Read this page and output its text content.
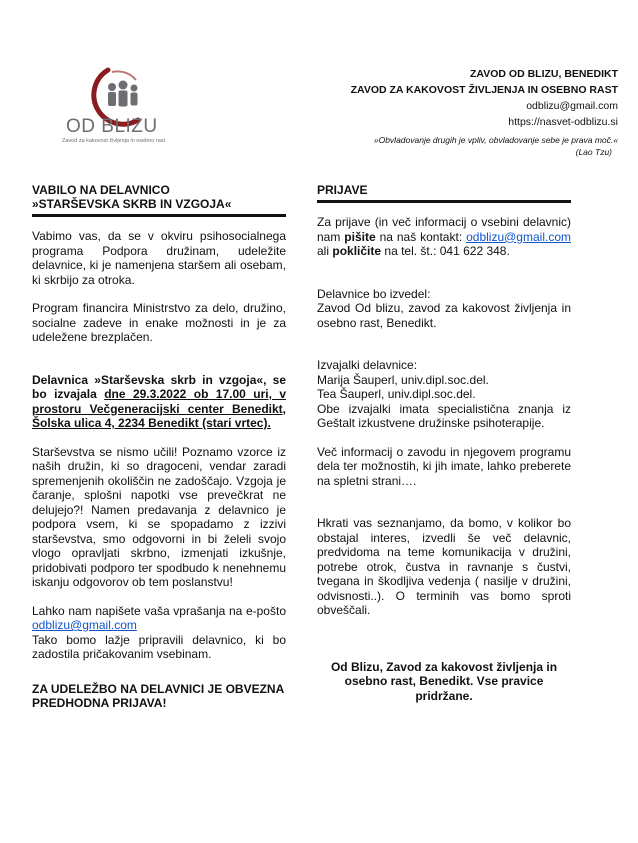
OD BLIZU
Zavod za kakovost življenja in osebno rast
ZAVOD OD BLIZU, BENEDIKT
ZAVOD ZA KAKOVOST ŽIVLJENJA IN OSEBNO RAST
odblizu@gmail.com
https://nasvet-odblizu.si
»Obvladovanje drugih je vpliv, obvladovanje sebe je prava moč.«
(Lao Tzu)
VABILO NA DELAVNICO
»STARŠEVSKA SKRB IN VZGOJA«

Vabimo vas, da se v okviru psihosocialnega programa Podpora družinam, udeležite delavnice, ki je namenjena staršem ali osebam, ki skrbijo za otroka.

Program financira Ministrstvo za delo, družino, socialne zadeve in enake možnosti in je za udeležene brezplačen.

Delavnica »Starševska skrb in vzgoja«, se bo izvajala dne 29.3.2022 ob 17.00 uri, v prostoru Večgeneracijski center Benedikt, Šolska ulica 4, 2234 Benedikt (stari vrtec).

Starševstva se nismo učili! Poznamo vzorce iz naših družin, ki so dragoceni, vendar zaradi spremenjenih okoliščin ne zadoščajo. Vzgoja je čaranje, splošni napotki vse prevečkrat ne delujejo?! Namen predavanja z delavnico je podpora vsem, ki se spopadamo z izzivi starševstva, smo odgovorni in bi želeli svojo vlogo opravljati skrbno, izmenjati izkušnje, pridobivati podporo ter spodbudo k nenehnemu iskanju odgovorov ob tem poslanstvu!

Lahko nam napišete vaša vprašanja na e-pošto odblizu@gmail.com
Tako bomo lažje pripravili delavnico, ki bo zadostila pričakovanim vsebinam.

ZA UDELEŽBO NA DELAVNICI JE OBVEZNA PREDHODNA PRIJAVA!

PRIJAVE

Za prijave (in več informacij o vsebini delavnic) nam pišite na naš kontakt: odblizu@gmail.com ali pokličite na tel. št.: 041 622 348.

Delavnice bo izvedel:

Zavod Od blizu, zavod za kakovost življenja in osebno rast, Benedikt.

Izvajalki delavnice:

Marija Šauperl, univ.dipl.soc.del.

Tea Šauperl, univ.dipl.soc.del.

Obe izvajalki imata specialistična znanja iz Geštalt izkustvene družinske psihoterapije.

Več informacij o zavodu in njegovem programu dela ter možnostih, ki jih imate, lahko preberete na spletni strani….

Hkrati vas seznanjamo, da bomo, v kolikor bo obstajal interes, izvedli še več delavnic, predvidoma na teme komunikacija v družini, potrebe otrok, čustva in ravnanje s čustvi, tvegana in škodljiva vedenja ( nasilje v družini, odvisnosti..). O terminih vas bomo sproti obveščali.

Od Blizu, Zavod za kakovost življenja in osebno rast, Benedikt. Vse pravice pridržane.
